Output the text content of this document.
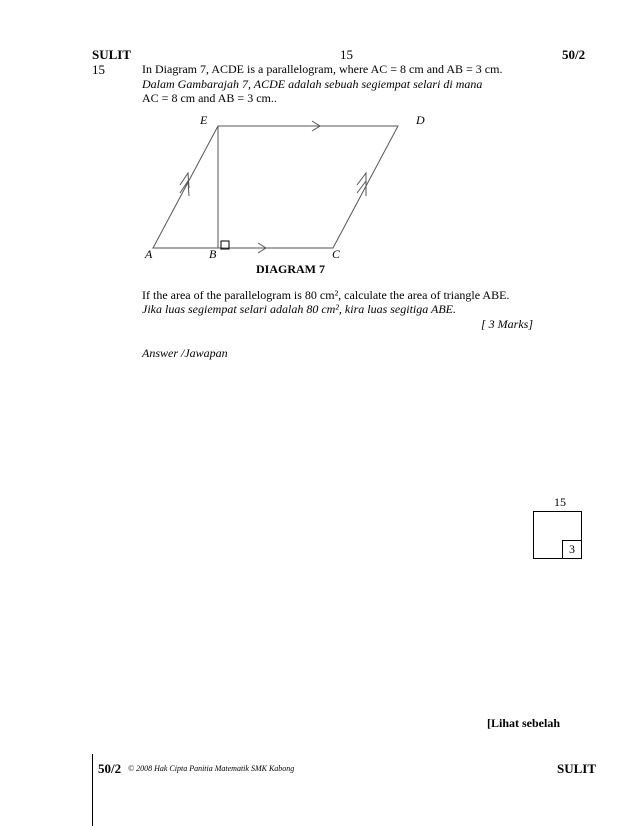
SULIT	15	50/2
15	In Diagram 7, ACDE is a parallelogram, where AC = 8 cm and AB = 3 cm.
Dalam Gambarajah 7, ACDE adalah sebuah segiempat selari di mana
AC = 8 cm and AB = 3 cm..
A	B	C
D
E
DIAGRAM 7
If the area of the parallelogram is 80 cm², calculate the area of triangle ABE.
Jika luas segiempat selari adalah 80 cm², kira luas segitiga ABE.
[ 3 Marks]
Answer /Jawapan
15
3
[Lihat sebelah
50/2 © 2008 Hak Cipta Panitia Matematik SMK Kabong	SULIT
